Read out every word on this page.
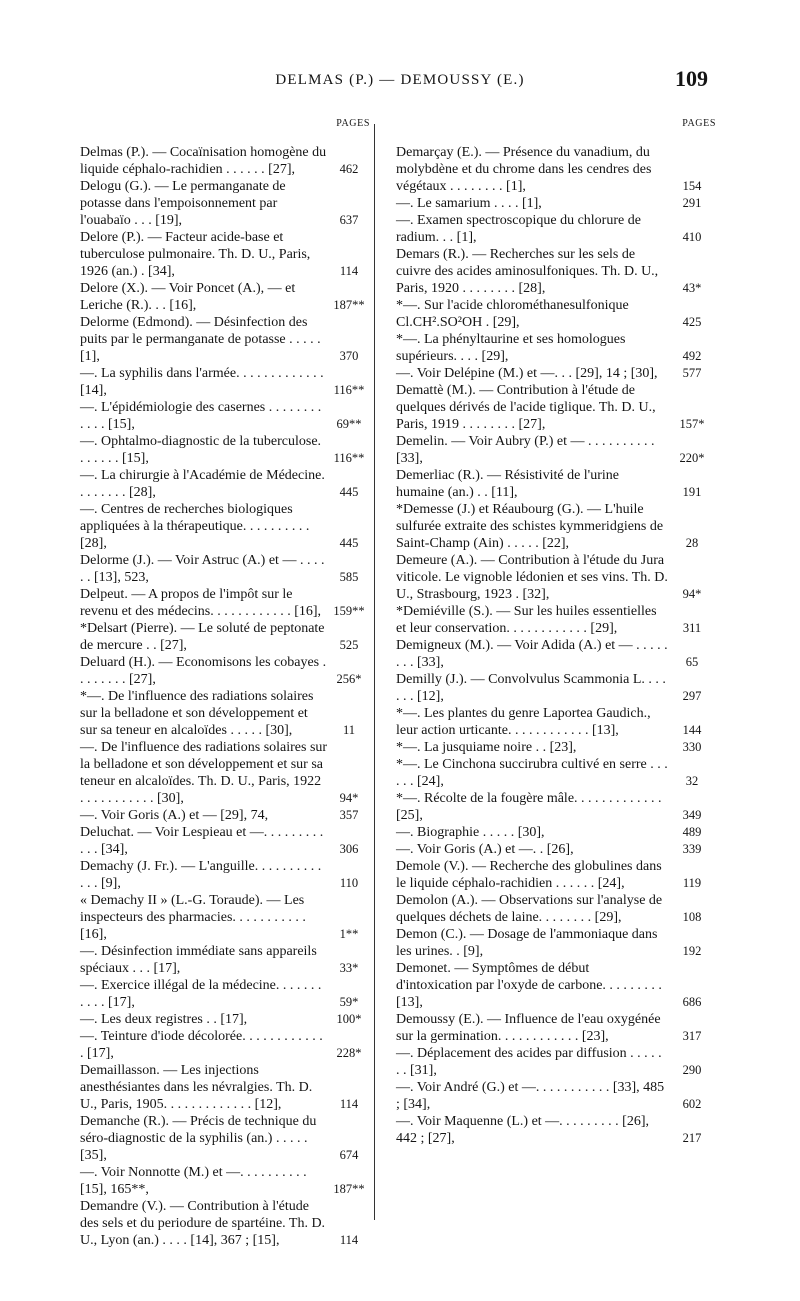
DELMAS (P.) — DEMOUSSY (E.)	109
PAGES
Delmas (P.). — Cocaïnisation homogène du liquide céphalo-rachidien . . . . . . [27],	462
Delogu (G.). — Le permanganate de potasse dans l'empoisonnement par l'ouabaïo . . . [19],	637
Delore (P.). — Facteur acide-base et tuberculose pulmonaire. Th. D. U., Paris, 1926 (an.) . [34],	114
Delore (X.). — Voir Poncet (A.), — et Leriche (R.). . . [16],	187**
Delorme (Edmond). — Désinfection des puits par le permanganate de potasse . . . . . [1],	370
—. La syphilis dans l'armée. . . . . . . . . . . . . [14],	116**
—. L'épidémiologie des casernes . . . . . . . . . . . . [15],	69**
—. Ophtalmo-diagnostic de la tuberculose. . . . . . . [15],	116**
—. La chirurgie à l'Académie de Médecine. . . . . . . . [28],	445
—. Centres de recherches biologiques appliquées à la thérapeutique. . . . . . . . . . [28],	445
Delorme (J.). — Voir Astruc (A.) et — . . . . . . [13], 523,	585
Delpeut. — A propos de l'impôt sur le revenu et des médecins. . . . . . . . . . . . [16], 159**
*Delsart (Pierre). — Le soluté de peptonate de mercure . . [27],	525
Deluard (H.). — Economisons les cobayes . . . . . . . . [27],	256*
*—. De l'influence des radiations solaires sur la belladone et son développement et sur sa teneur en alcaloïdes . . . . . [30],	11
—. De l'influence des radiations solaires sur la belladone et son développement et sur sa teneur en alcaloïdes. Th. D. U., Paris, 1922 . . . . . . . . . . . [30],	94*
—. Voir Goris (A.) et — [29], 74,	357
Deluchat. — Voir Lespieau et —. . . . . . . . . . . . [34],	306
Demachy (J. Fr.). — L'anguille. . . . . . . . . . . . . [9],	110
« Demachy II » (L.-G. Toraude). — Les inspecteurs des pharmacies. . . . . . . . . . . [16],	1**
—. Désinfection immédiate sans appareils spéciaux . . . [17],	33*
—. Exercice illégal de la médecine. . . . . . . . . . . [17],	59*
—. Les deux registres . . [17],	100*
—. Teinture d'iode décolorée. . . . . . . . . . . . . [17],	228*
Demaillasson. — Les injections anesthésiantes dans les névralgies. Th. D. U., Paris, 1905. . . . . . . . . . . . . [12],	114
Demanche (R.). — Précis de technique du séro-diagnostic de la syphilis (an.) . . . . . [35],	674
—. Voir Nonnotte (M.) et —. . . . . . . . . . [15], 165**,	187**
Demandre (V.). — Contribution à l'étude des sels et du periodure de spartéine. Th. D. U., Lyon (an.) . . . . [14], 367 ; [15],	114
PAGES
Demarçay (E.). — Présence du vanadium, du molybdène et du chrome dans les cendres des végétaux . . . . . . . . [1],	154
—. Le samarium . . . . [1],	291
—. Examen spectroscopique du chlorure de radium. . . [1],	410
Demars (R.). — Recherches sur les sels de cuivre des acides aminosulfoniques. Th. D. U., Paris, 1920 . . . . . . . . [28],	43*
*—. Sur l'acide chlorométhanesulfonique Cl.CH².SO²OH . [29],	425
*—. La phényltaurine et ses homologues supérieurs. . . . [29],	492
—. Voir Delépine (M.) et —. . . [29], 14 ; [30],	577
Demattè (M.). — Contribution à l'étude de quelques dérivés de l'acide tiglique. Th. D. U., Paris, 1919 . . . . . . . . [27],	157*
Demelin. — Voir Aubry (P.) et — . . . . . . . . . . [33],	220*
Demerliac (R.). — Résistivité de l'urine humaine (an.) . . [11],	191
*Demesse (J.) et Réaubourg (G.). — L'huile sulfurée extraite des schistes kymmeridgiens de Saint-Champ (Ain) . . . . . [22],	28
Demeure (A.). — Contribution à l'étude du Jura viticole. Le vignoble lédonien et ses vins. Th. D. U., Strasbourg, 1923 . [32],	94*
*Demiéville (S.). — Sur les huiles essentielles et leur conservation. . . . . . . . . . . . [29],	311
Demigneux (M.). — Voir Adida (A.) et — . . . . . . . . [33],	65
Demilly (J.). — Convolvulus Scammonia L. . . . . . . [12],	297
*—. Les plantes du genre Laportea Gaudich., leur action urticante. . . . . . . . . . . . [13],	144
*—. La jusquiame noire . . [23],	330
*—. Le Cinchona succirubra cultivé en serre . . . . . . [24],	32
*—. Récolte de la fougère mâle. . . . . . . . . . . . . [25],	349
—. Biographie . . . . . [30],	489
—. Voir Goris (A.) et —. . [26],	339
Demole (V.). — Recherche des globulines dans le liquide céphalo-rachidien . . . . . . [24],	119
Demolon (A.). — Observations sur l'analyse de quelques déchets de laine. . . . . . . . [29],	108
Demon (C.). — Dosage de l'ammoniaque dans les urines. . [9],	192
Demonet. — Symptômes de début d'intoxication par l'oxyde de carbone. . . . . . . . . [13],	686
Demoussy (E.). — Influence de l'eau oxygénée sur la germination. . . . . . . . . . . . [23],	317
—. Déplacement des acides par diffusion . . . . . . . [31],	290
—. Voir André (G.) et —. . . . . . . . . . . [33], 485 ; [34],	602
—. Voir Maquenne (L.) et —. . . . . . . . . [26], 442 ; [27],	217
